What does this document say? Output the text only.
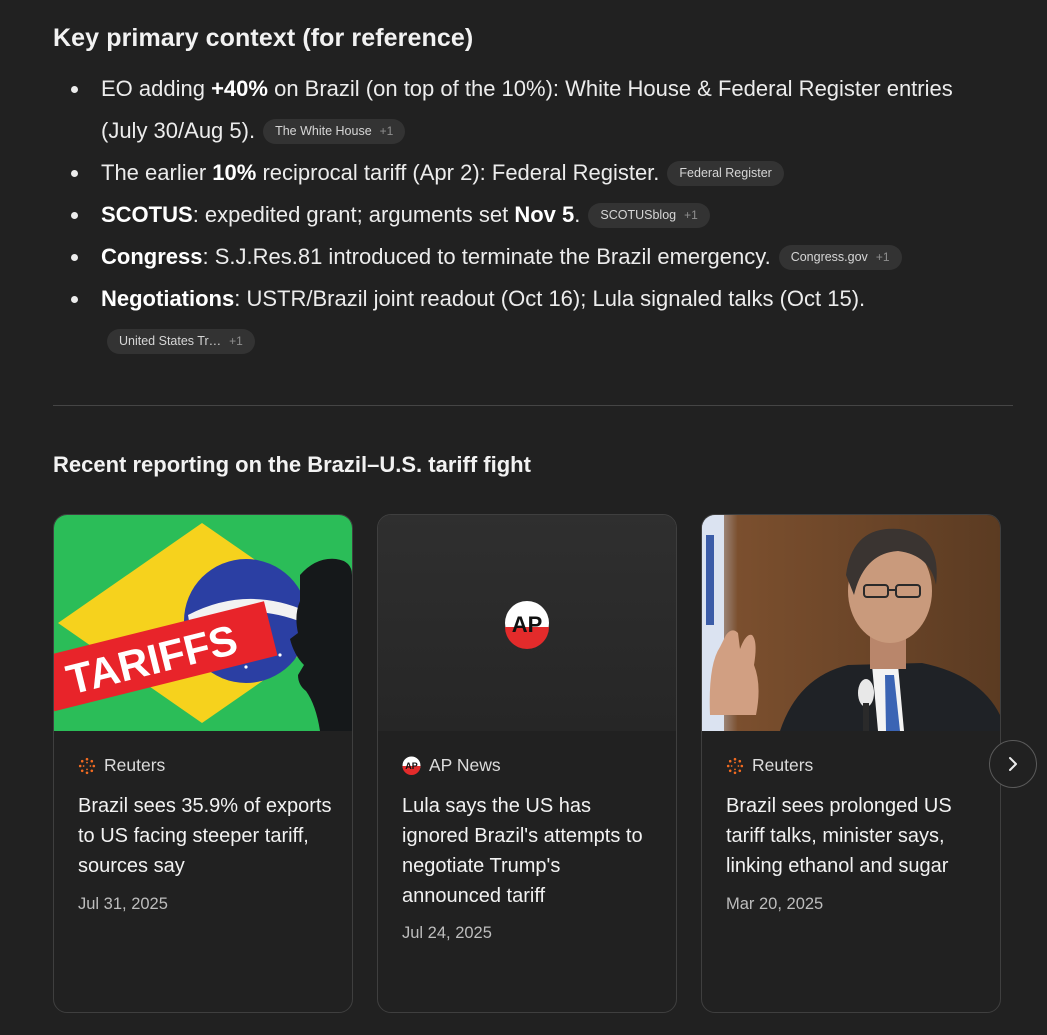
Key primary context (for reference)
EO adding +40% on Brazil (on top of the 10%): White House & Federal Register entries (July 30/Aug 5). The White House +1
The earlier 10% reciprocal tariff (Apr 2): Federal Register. Federal Register
SCOTUS: expedited grant; arguments set Nov 5. SCOTUSblog +1
Congress: S.J.Res.81 introduced to terminate the Brazil emergency. Congress.gov +1
Negotiations: USTR/Brazil joint readout (Oct 16); Lula signaled talks (Oct 15).
United States Tr… +1
Recent reporting on the Brazil–U.S. tariff fight
TARIFFS
Reuters
Brazil sees 35.9% of exports to US facing steeper tariff, sources say
Jul 31, 2025
AP
AP AP News
Lula says the US has ignored Brazil's attempts to negotiate Trump's announced tariff
Jul 24, 2025
Reuters
Brazil sees prolonged US tariff talks, minister says, linking ethanol and sugar
Mar 20, 2025
